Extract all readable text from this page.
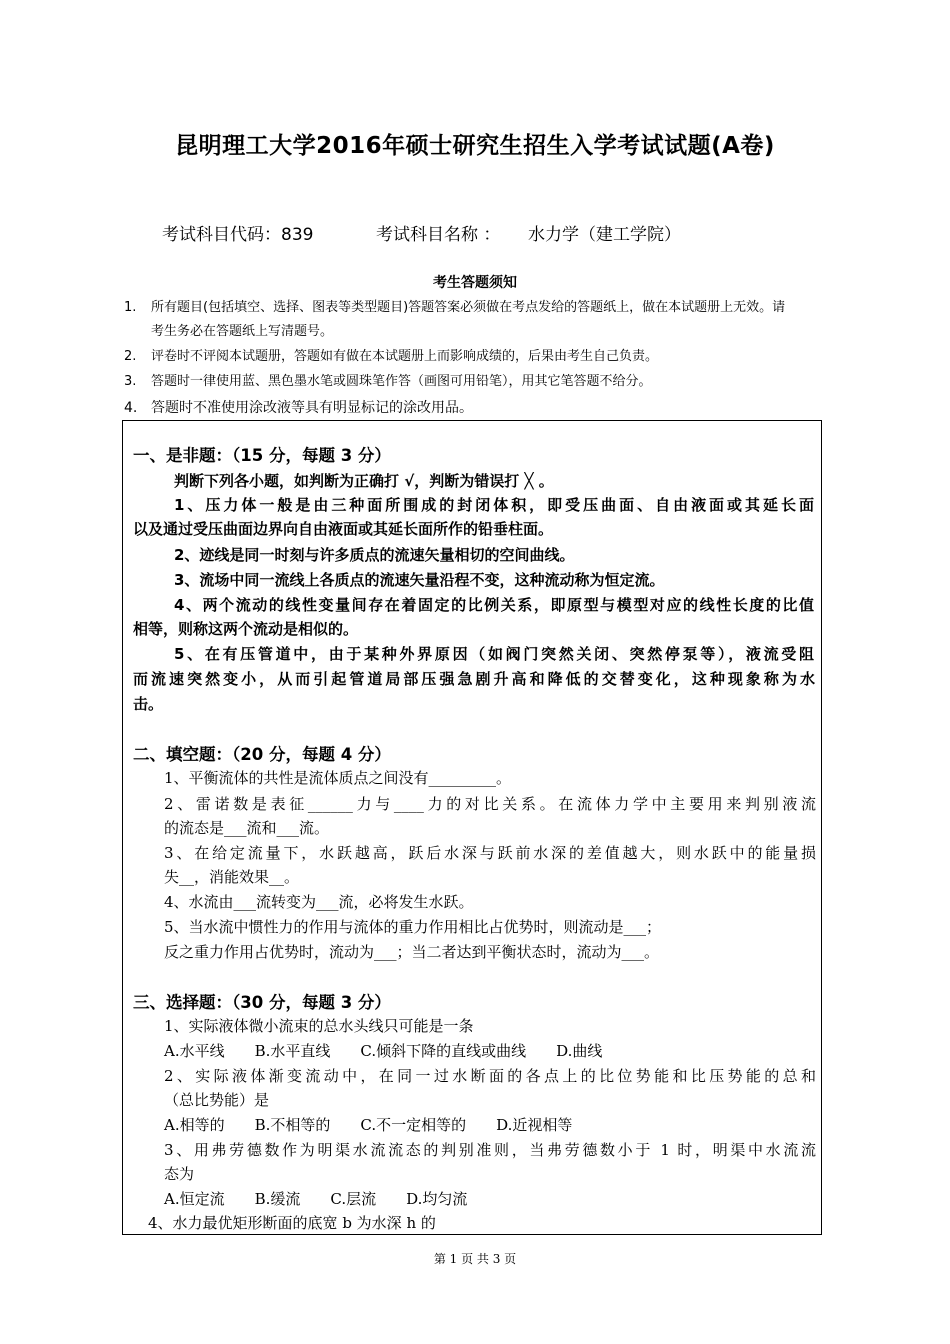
昆明理工大学2016年硕士研究生招生入学考试试题(A卷)
考试科目代码：839	考试科目名称 ： 水力学（建工学院）
考生答题须知
1. 所有题目(包括填空、选择、图表等类型题目)答题答案必须做在考点发给的答题纸上，做在本试题册上无效。请
考生务必在答题纸上写清题号。
2. 评卷时不评阅本试题册，答题如有做在本试题册上而影响成绩的，后果由考生自己负责。
3. 答题时一律使用蓝、黑色墨水笔或圆珠笔作答（画图可用铅笔），用其它笔答题不给分。
4. 答题时不准使用涂改液等具有明显标记的涂改用品。
一、是非题：（15 分，每题 3 分）
判断下列各小题，如判断为正确打 √，判断为错误打 ╳ 。
1、压力体一般是由三种面所围成的封闭体积，即受压曲面、自由液面或其延长面
以及通过受压曲面边界向自由液面或其延长面所作的铅垂柱面。
2、迹线是同一时刻与许多质点的流速矢量相切的空间曲线。
3、流场中同一流线上各质点的流速矢量沿程不变，这种流动称为恒定流。
4、两个流动的线性变量间存在着固定的比例关系，即原型与模型对应的线性长度的比值
相等，则称这两个流动是相似的。
5、在有压管道中，由于某种外界原因（如阀门突然关闭、突然停泵等），液流受阻
而流速突然变小，从而引起管道局部压强急剧升高和降低的交替变化，这种现象称为水
击。
二、填空题：（20 分，每题 4 分）
1、平衡流体的共性是流体质点之间没有_________。
2、雷诺数是表征______力与____力的对比关系。在流体力学中主要用来判别液流
的流态是___流和___流。
3、在给定流量下，水跃越高，跃后水深与跃前水深的差值越大，则水跃中的能量损
失__，消能效果__。
4、水流由___流转变为___流，必将发生水跃。
5、当水流中惯性力的作用与流体的重力作用相比占优势时，则流动是___；
反之重力作用占优势时，流动为___；当二者达到平衡状态时，流动为___。
三、选择题：（30 分，每题 3 分）
1、实际液体微小流束的总水头线只可能是一条
A.水平线　　B.水平直线　　C.倾斜下降的直线或曲线　　D.曲线
2、实际液体渐变流动中，在同一过水断面的各点上的比位势能和比压势能的总和
（总比势能）是
A.相等的　　B.不相等的　　C.不一定相等的　　D.近视相等
3、用弗劳德数作为明渠水流流态的判别准则，当弗劳德数小于 1 时，明渠中水流流
态为
A.恒定流　　B.缓流　　C.层流　　D.均匀流
4、水力最优矩形断面的底宽 b 为水深 h 的
第 1 页 共 3 页
